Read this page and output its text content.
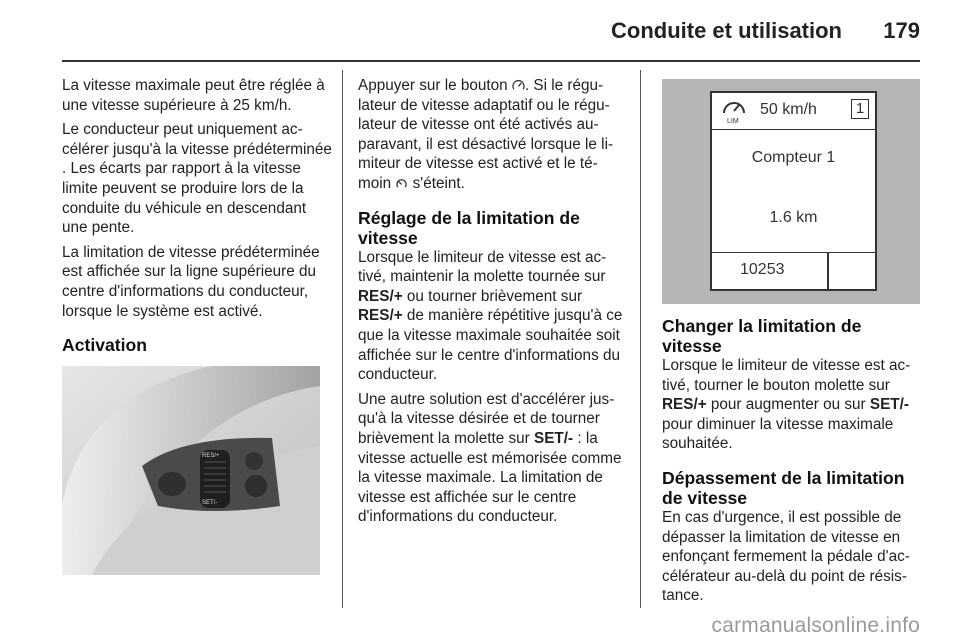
Conduite et utilisation 179

La vitesse maximale peut être réglée à une vitesse supérieure à 25 km/h.

Le conducteur peut uniquement accélérer jusqu'à la vitesse prédéterminée . Les écarts par rapport à la vitesse limite peuvent se produire lors de la conduite du véhicule en descendant une pente.

La limitation de vitesse prédéterminée est affichée sur la ligne supérieure du centre d'informations du conducteur, lorsque le système est activé.

Activation
RES/+
SET/-

Appuyer sur le bouton . Si le régulateur de vitesse adaptatif ou le régulateur de vitesse ont été activés auparavant, il est désactivé lorsque le limiteur de vitesse est activé et le témoin  s'éteint.

Réglage de la limitation de vitesse

Lorsque le limiteur de vitesse est activé, maintenir la molette tournée sur RES/+ ou tourner brièvement sur RES/+ de manière répétitive jusqu'à ce que la vitesse maximale souhaitée soit affichée sur le centre d'informations du conducteur.

Une autre solution est d'accélérer jusqu'à la vitesse désirée et de tourner brièvement la molette sur SET/- : la vitesse actuelle est mémorisée comme la vitesse maximale. La limitation de vitesse est affichée sur le centre d'informations du conducteur.

LIM
50 km/h	1
Compteur 1
1.6 km
10253
Changer la limitation de vitesse

Lorsque le limiteur de vitesse est activé, tourner le bouton molette sur RES/+ pour augmenter ou sur SET/- pour diminuer la vitesse maximale souhaitée.

Dépassement de la limitation de vitesse

En cas d'urgence, il est possible de dépasser la limitation de vitesse en enfonçant fermement la pédale d'accélérateur au-delà du point de résistance.

carmanualsonline.info
